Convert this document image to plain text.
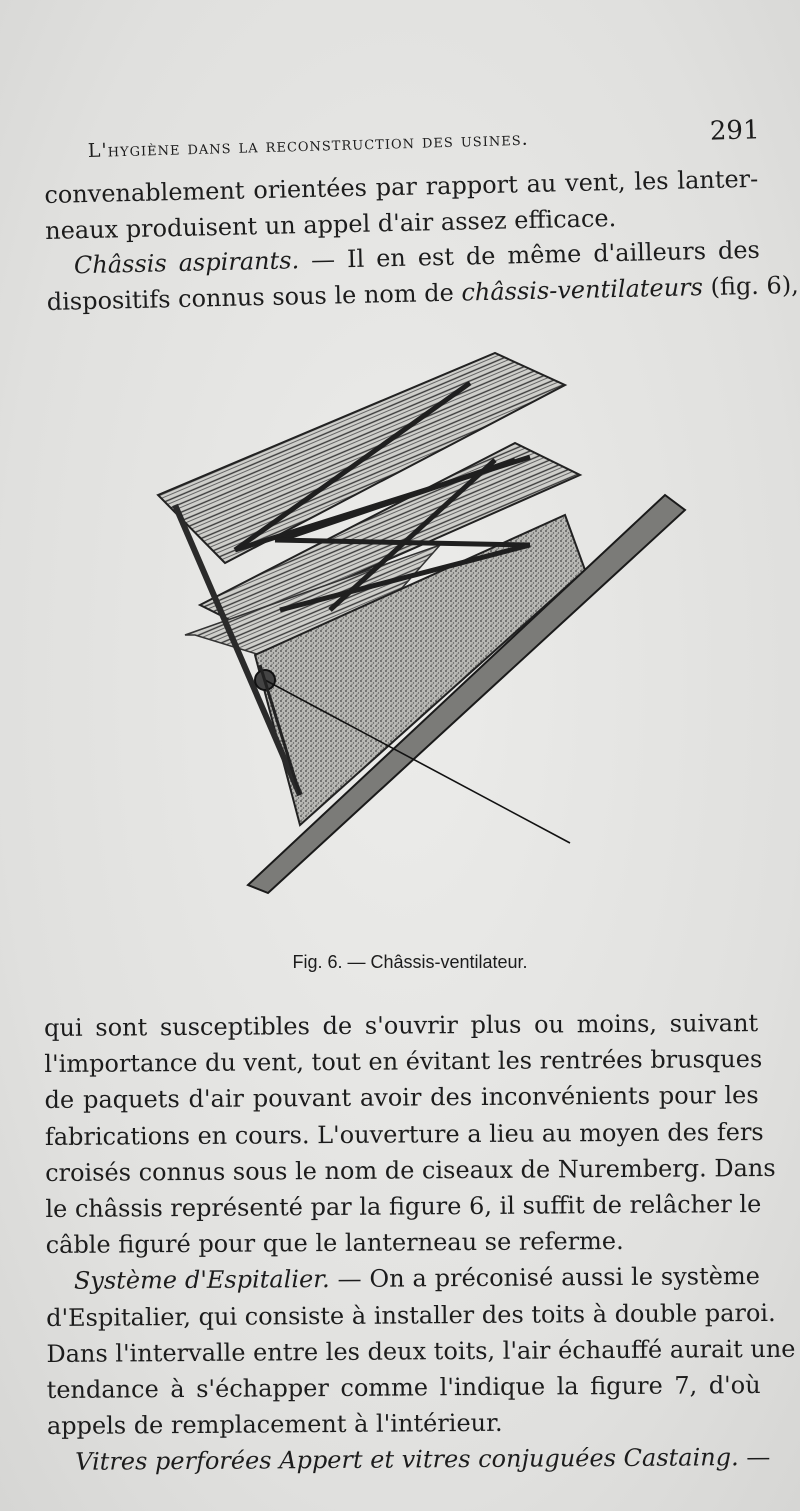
L'hygiène dans la reconstruction des usines.	291
convenablement orientées par rapport au vent, les lanter-
neaux produisent un appel d'air assez efficace.
Châssis aspirants. — Il en est de même d'ailleurs des
dispositifs connus sous le nom de châssis-ventilateurs (fig. 6),
Fig. 6. — Châssis-ventilateur.
qui sont susceptibles de s'ouvrir plus ou moins, suivant
l'importance du vent, tout en évitant les rentrées brusques
de paquets d'air pouvant avoir des inconvénients pour les
fabrications en cours. L'ouverture a lieu au moyen des fers
croisés connus sous le nom de ciseaux de Nuremberg. Dans
le châssis représenté par la figure 6, il suffit de relâcher le
câble figuré pour que le lanterneau se referme.
Système d'Espitalier. — On a préconisé aussi le système
d'Espitalier, qui consiste à installer des toits à double paroi.
Dans l'intervalle entre les deux toits, l'air échauffé aurait une
tendance à s'échapper comme l'indique la figure 7, d'où
appels de remplacement à l'intérieur.
Vitres perforées Appert et vitres conjuguées Castaing. —
